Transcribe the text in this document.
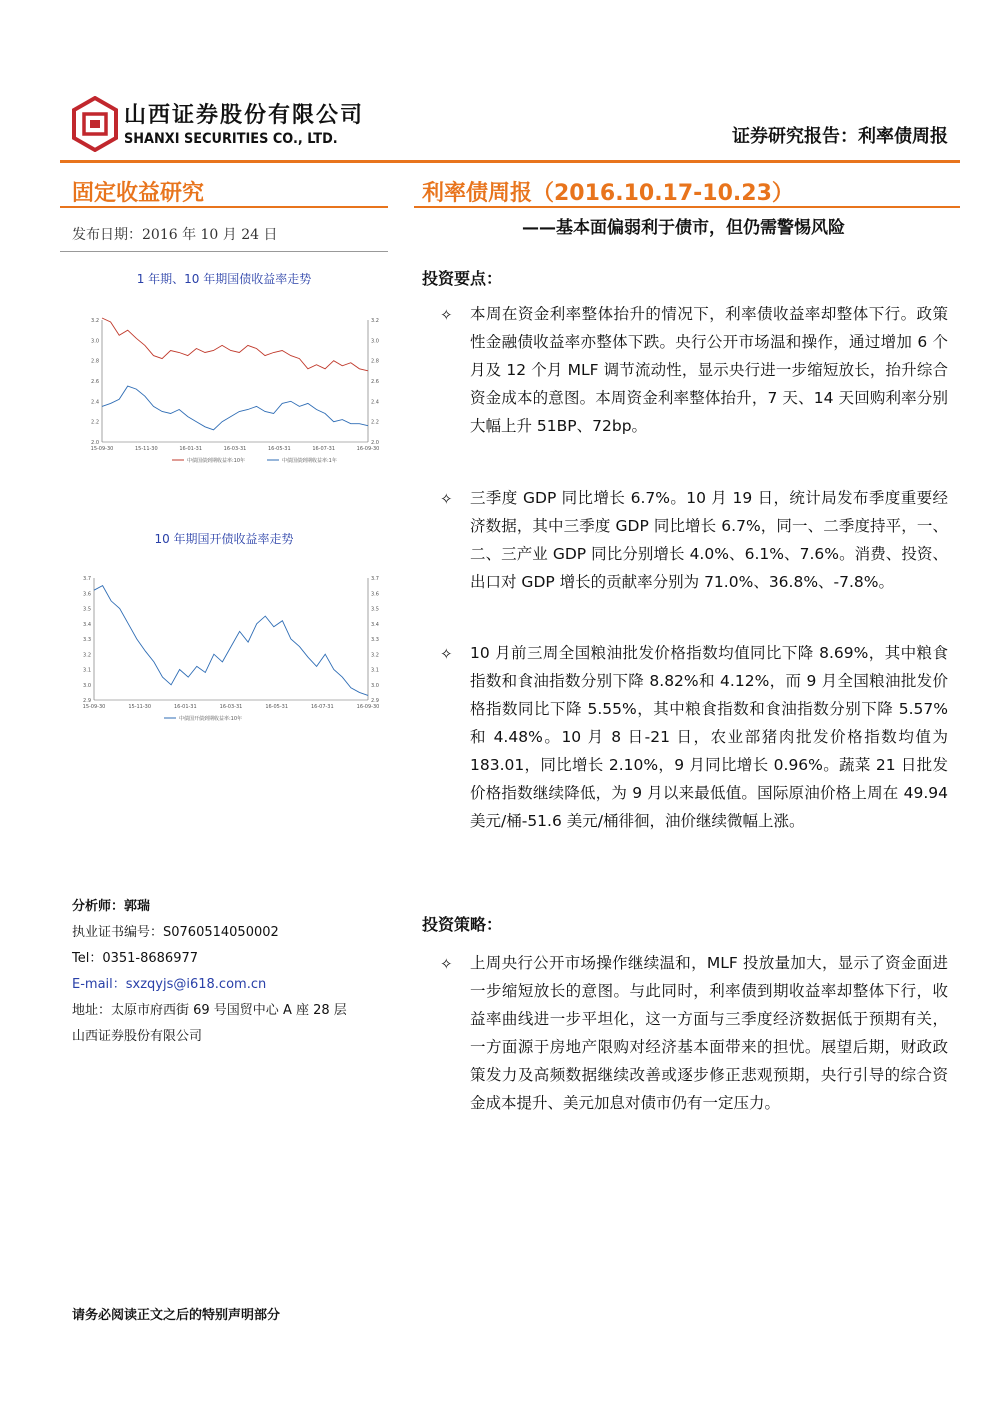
山西证券股份有限公司
SHANXI SECURITIES CO., LTD.	证券研究报告：利率债周报
固定收益研究	利率债周报（2016.10.17-10.23）
——基本面偏弱利于债市，但仍需警惕风险
发布日期：2016 年 10 月 24 日
1 年期、10 年期国债收益率走势
2.0	2.0
2.2	2.2
2.4	2.4
2.6	2.6
2.8	2.8
3.0	3.0
3.2	3.2
15-09-30	15-11-30	16-01-31	16-03-31	16-05-31	16-07-31	16-09-30
中债国债到期收益率:10年	中债国债到期收益率:1年
10 年期国开债收益率走势
2.9	2.9
3.0	3.0
3.1	3.1
3.2	3.2
3.3	3.3
3.4	3.4
3.5	3.5
3.6	3.6
3.7	3.7
15-09-30	15-11-30	16-01-31	16-03-31	16-05-31	16-07-31	16-09-30
中债国开债到期收益率:10年
分析师：郭瑞
执业证书编号：S0760514050002
Tel：0351-8686977
E-mail：sxzqyjs@i618.com.cn
地址：太原市府西街 69 号国贸中心 A 座 28 层
山西证券股份有限公司
投资要点：
✧	本周在资金利率整体抬升的情况下，利率债收益率却整体下行。政策性金融债收益率亦整体下跌。央行公开市场温和操作，通过增加 6 个月及 12 个月 MLF 调节流动性，显示央行进一步缩短放长，抬升综合资金成本的意图。本周资金利率整体抬升，7 天、14 天回购利率分别大幅上升 51BP、72bp。
✧	三季度 GDP 同比增长 6.7%。10 月 19 日，统计局发布季度重要经济数据，其中三季度 GDP 同比增长 6.7%，同一、二季度持平，一、二、三产业 GDP 同比分别增长 4.0%、6.1%、7.6%。消费、投资、出口对 GDP 增长的贡献率分别为 71.0%、36.8%、-7.8%。
✧	10 月前三周全国粮油批发价格指数均值同比下降 8.69%，其中粮食指数和食油指数分别下降 8.82%和 4.12%，而 9 月全国粮油批发价格指数同比下降 5.55%，其中粮食指数和食油指数分别下降 5.57%和 4.48%。10 月 8 日-21 日，农业部猪肉批发价格指数均值为 183.01，同比增长 2.10%，9 月同比增长 0.96%。蔬菜 21 日批发价格指数继续降低，为 9 月以来最低值。国际原油价格上周在 49.94 美元/桶-51.6 美元/桶徘徊，油价继续微幅上涨。
投资策略：
✧	上周央行公开市场操作继续温和，MLF 投放量加大，显示了资金面进一步缩短放长的意图。与此同时，利率债到期收益率却整体下行，收益率曲线进一步平坦化，这一方面与三季度经济数据低于预期有关，一方面源于房地产限购对经济基本面带来的担忧。展望后期，财政政策发力及高频数据继续改善或逐步修正悲观预期，央行引导的综合资金成本提升、美元加息对债市仍有一定压力。
请务必阅读正文之后的特别声明部分
